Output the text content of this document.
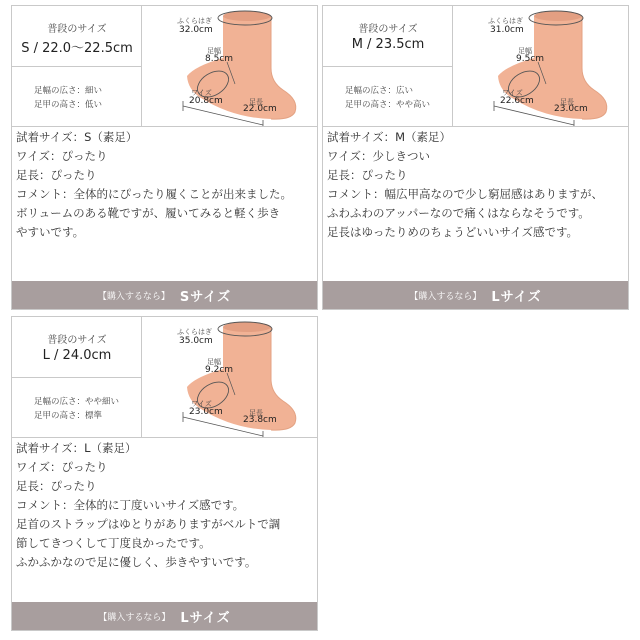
普段のサイズ
S / 22.0〜22.5cm
足幅の広さ：細い
足甲の高さ：低い
ふくらはぎ
32.0cm
足幅
8.5cm
ワイズ
20.8cm	足長
22.0cm
試着サイズ：S（素足）
ワイズ：ぴったり
足長：ぴったり
コメント：全体的にぴったり履くことが出来ました。
ボリュームのある靴ですが、履いてみると軽く歩き
やすいです。
【購入するなら】 Sサイズ
普段のサイズ
M / 23.5cm
足幅の広さ：広い
足甲の高さ：やや高い
ふくらはぎ
31.0cm
足幅
9.5cm
ワイズ
22.6cm	足長
23.0cm
試着サイズ：M（素足）
ワイズ：少しきつい
足長：ぴったり
コメント：幅広甲高なので少し窮屈感はありますが、
ふわふわのアッパーなので痛くはならなそうです。
足長はゆったりめのちょうどいいサイズ感です。
【購入するなら】 Lサイズ
普段のサイズ
L / 24.0cm
足幅の広さ：やや細い
足甲の高さ：標準
ふくらはぎ
35.0cm
足幅
9.2cm
ワイズ
23.0cm	足長
23.8cm
試着サイズ：L（素足）
ワイズ：ぴったり
足長：ぴったり
コメント：全体的に丁度いいサイズ感です。
足首のストラップはゆとりがありますがベルトで調
節してきつくして丁度良かったです。
ふかふかなので足に優しく、歩きやすいです。
【購入するなら】 Lサイズ
